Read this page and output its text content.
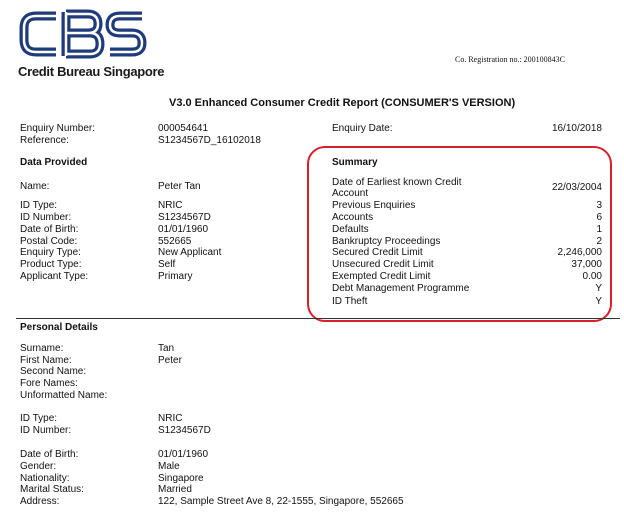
Credit Bureau Singapore
Co. Registration no.: 200100843C
V3.0 Enhanced Consumer Credit Report (CONSUMER'S VERSION)
Enquiry Number:	000054641
Reference:	S1234567D_16102018
Enquiry Date:	16/10/2018
Data Provided
Name:	Peter Tan
ID Type:	NRIC
ID Number:	S1234567D
Date of Birth:	01/01/1960
Postal Code:	552665
Enquiry Type:	New Applicant
Product Type:	Self
Applicant Type:	Primary
Summary
Date of Earliest known Credit
Account
22/03/2004
Previous Enquiries	3
Accounts	6
Defaults	1
Bankruptcy Proceedings	2
Secured Credit Limit	2,246,000
Unsecured Credit Limit	37,000
Exempted Credit Limit	0.00
Debt Management Programme	Y
ID Theft	Y
Personal Details
Surname:	Tan
First Name:	Peter
Second Name:
Fore Names:
Unformatted Name:
ID Type:	NRIC
ID Number:	S1234567D
Date of Birth:	01/01/1960
Gender:	Male
Nationality:	Singapore
Marital Status:	Married
Address:	122, Sample Street Ave 8, 22-1555, Singapore, 552665
